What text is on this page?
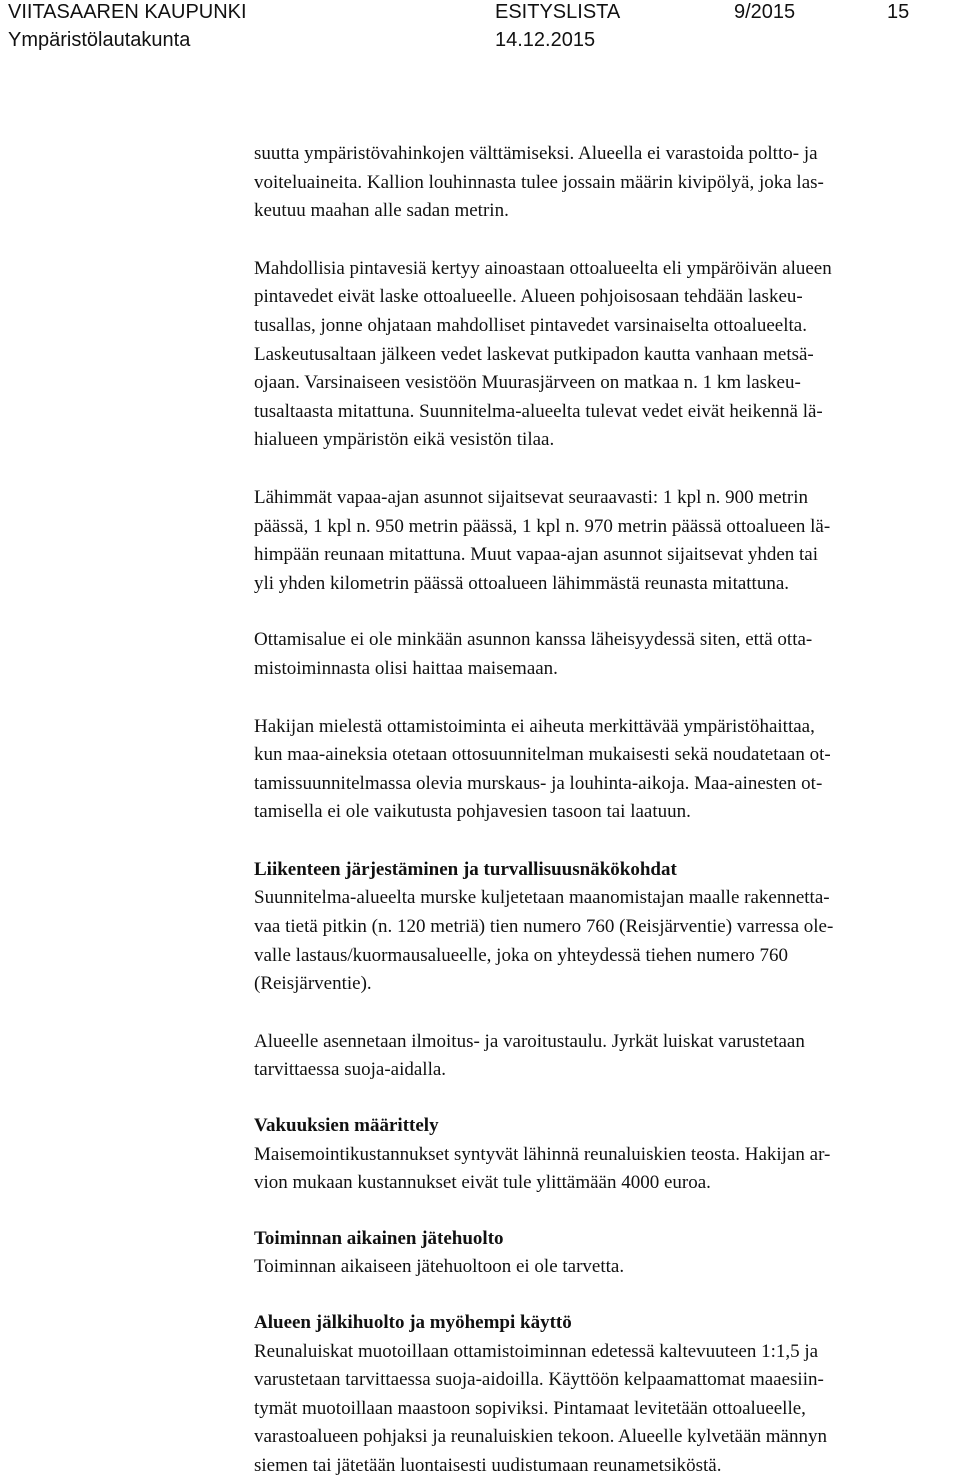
VIITASAAREN KAUPUNKI	ESITYSLISTA	9/2015	15
Ympäristölautakunta	14.12.2015
suutta ympäristövahinkojen välttämiseksi. Alueella ei varastoida poltto- ja
voiteluaineita. Kallion louhinnasta tulee jossain määrin kivipölyä, joka las-
keutuu maahan alle sadan metrin.
Mahdollisia pintavesiä kertyy ainoastaan ottoalueelta eli ympäröivän alueen
pintavedet eivät laske ottoalueelle. Alueen pohjoisosaan tehdään laskeu-
tusallas, jonne ohjataan mahdolliset pintavedet varsinaiselta ottoalueelta.
Laskeutusaltaan jälkeen vedet laskevat putkipadon kautta vanhaan metsä-
ojaan. Varsinaiseen vesistöön Muurasjärveen on matkaa n. 1 km laskeu-
tusaltaasta mitattuna. Suunnitelma-alueelta tulevat vedet eivät heikennä lä-
hialueen ympäristön eikä vesistön tilaa.
Lähimmät vapaa-ajan asunnot sijaitsevat seuraavasti: 1 kpl n. 900 metrin
päässä, 1 kpl n. 950 metrin päässä, 1 kpl n. 970 metrin päässä ottoalueen lä-
himpään reunaan mitattuna. Muut vapaa-ajan asunnot sijaitsevat yhden tai
yli yhden kilometrin päässä ottoalueen lähimmästä reunasta mitattuna.
Ottamisalue ei ole minkään asunnon kanssa läheisyydessä siten, että otta-
mistoiminnasta olisi haittaa maisemaan.
Hakijan mielestä ottamistoiminta ei aiheuta merkittävää ympäristöhaittaa,
kun maa-aineksia otetaan ottosuunnitelman mukaisesti sekä noudatetaan ot-
tamissuunnitelmassa olevia murskaus- ja louhinta-aikoja. Maa-ainesten ot-
tamisella ei ole vaikutusta pohjavesien tasoon tai laatuun.
Liikenteen järjestäminen ja turvallisuusnäkökohdat
Suunnitelma-alueelta murske kuljetetaan maanomistajan maalle rakennetta-
vaa tietä pitkin (n. 120 metriä) tien numero 760 (Reisjärventie) varressa ole-
valle lastaus/kuormausalueelle, joka on yhteydessä tiehen numero 760
(Reisjärventie).
Alueelle asennetaan ilmoitus- ja varoitustaulu. Jyrkät luiskat varustetaan
tarvittaessa suoja-aidalla.
Vakuuksien määrittely
Maisemointikustannukset syntyvät lähinnä reunaluiskien teosta. Hakijan ar-
vion mukaan kustannukset eivät tule ylittämään 4000 euroa.
Toiminnan aikainen jätehuolto
Toiminnan aikaiseen jätehuoltoon ei ole tarvetta.
Alueen jälkihuolto ja myöhempi käyttö
Reunaluiskat muotoillaan ottamistoiminnan edetessä kaltevuuteen 1:1,5 ja
varustetaan tarvittaessa suoja-aidoilla. Käyttöön kelpaamattomat maaesiin-
tymät muotoillaan maastoon sopiviksi. Pintamaat levitetään ottoalueelle,
varastoalueen pohjaksi ja reunaluiskien tekoon. Alueelle kylvetään männyn
siemen tai jätetään luontaisesti uudistumaan reunametsiköstä.
